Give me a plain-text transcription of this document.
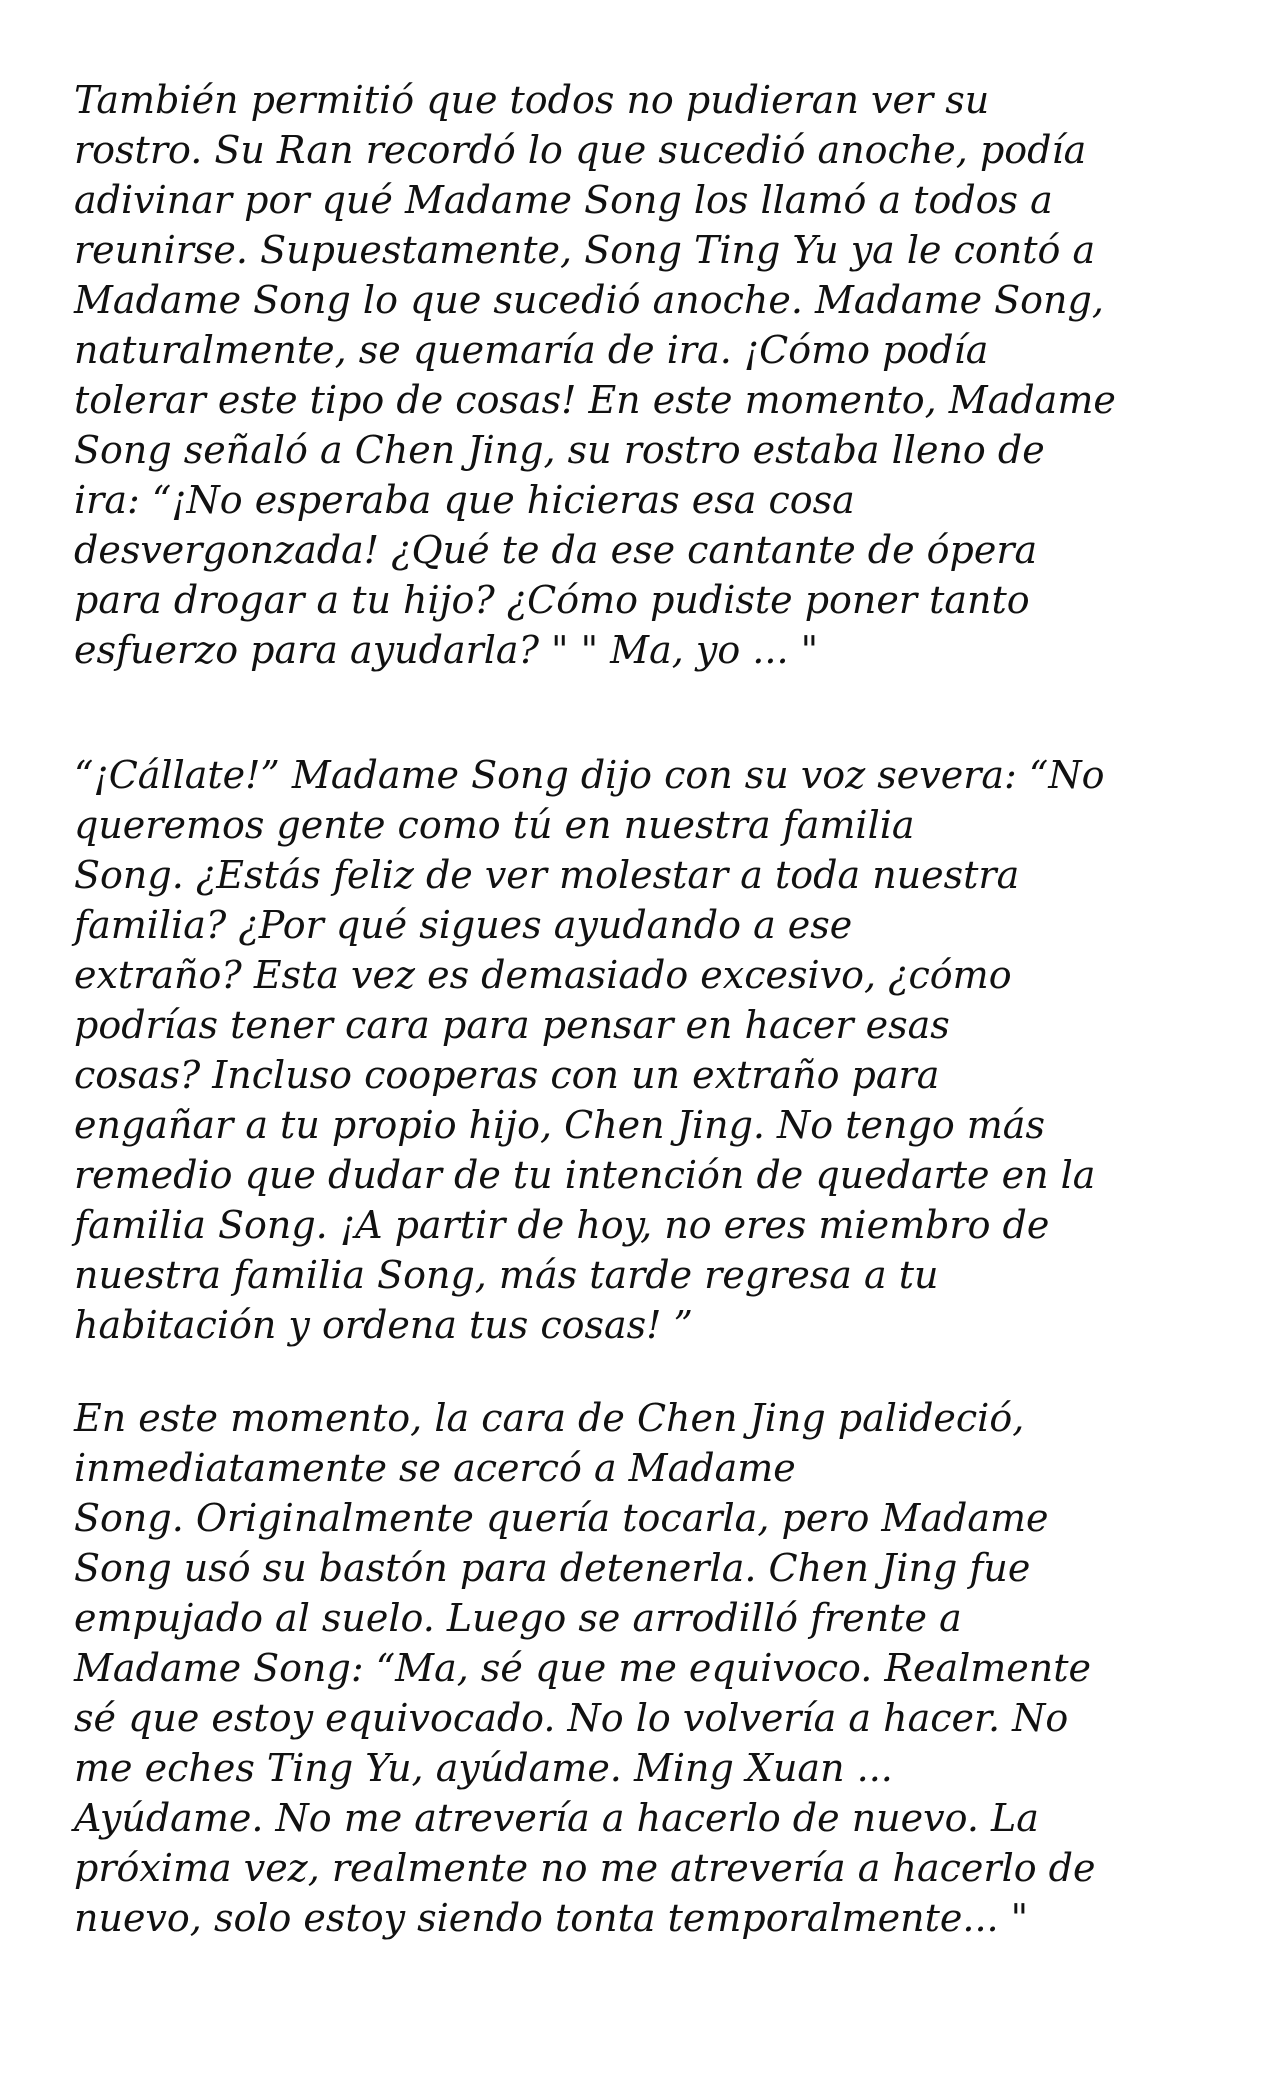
También permitió que todos no pudieran ver su
rostro. Su Ran recordó lo que sucedió anoche, podía
adivinar por qué Madame Song los llamó a todos a
reunirse. Supuestamente, Song Ting Yu ya le contó a
Madame Song lo que sucedió anoche. Madame Song,
naturalmente, se quemaría de ira. ¡Cómo podía
tolerar este tipo de cosas! En este momento, Madame
Song señaló a Chen Jing, su rostro estaba lleno de
ira: “¡No esperaba que hicieras esa cosa
desvergonzada! ¿Qué te da ese cantante de ópera
para drogar a tu hijo? ¿Cómo pudiste poner tanto
esfuerzo para ayudarla? " " Ma, yo ... "

“¡Cállate!” Madame Song dijo con su voz severa: “No
queremos gente como tú en nuestra familia
Song. ¿Estás feliz de ver molestar a toda nuestra
familia? ¿Por qué sigues ayudando a ese
extraño? Esta vez es demasiado excesivo, ¿cómo
podrías tener cara para pensar en hacer esas
cosas? Incluso cooperas con un extraño para
engañar a tu propio hijo, Chen Jing. No tengo más
remedio que dudar de tu intención de quedarte en la
familia Song. ¡A partir de hoy, no eres miembro de
nuestra familia Song, más tarde regresa a tu
habitación y ordena tus cosas! ”

En este momento, la cara de Chen Jing palideció,
inmediatamente se acercó a Madame
Song. Originalmente quería tocarla, pero Madame
Song usó su bastón para detenerla. Chen Jing fue
empujado al suelo. Luego se arrodilló frente a
Madame Song: “Ma, sé que me equivoco. Realmente
sé que estoy equivocado. No lo volvería a hacer. No
me eches Ting Yu, ayúdame. Ming Xuan ...
Ayúdame. No me atrevería a hacerlo de nuevo. La
próxima vez, realmente no me atrevería a hacerlo de
nuevo, solo estoy siendo tonta temporalmente... "
